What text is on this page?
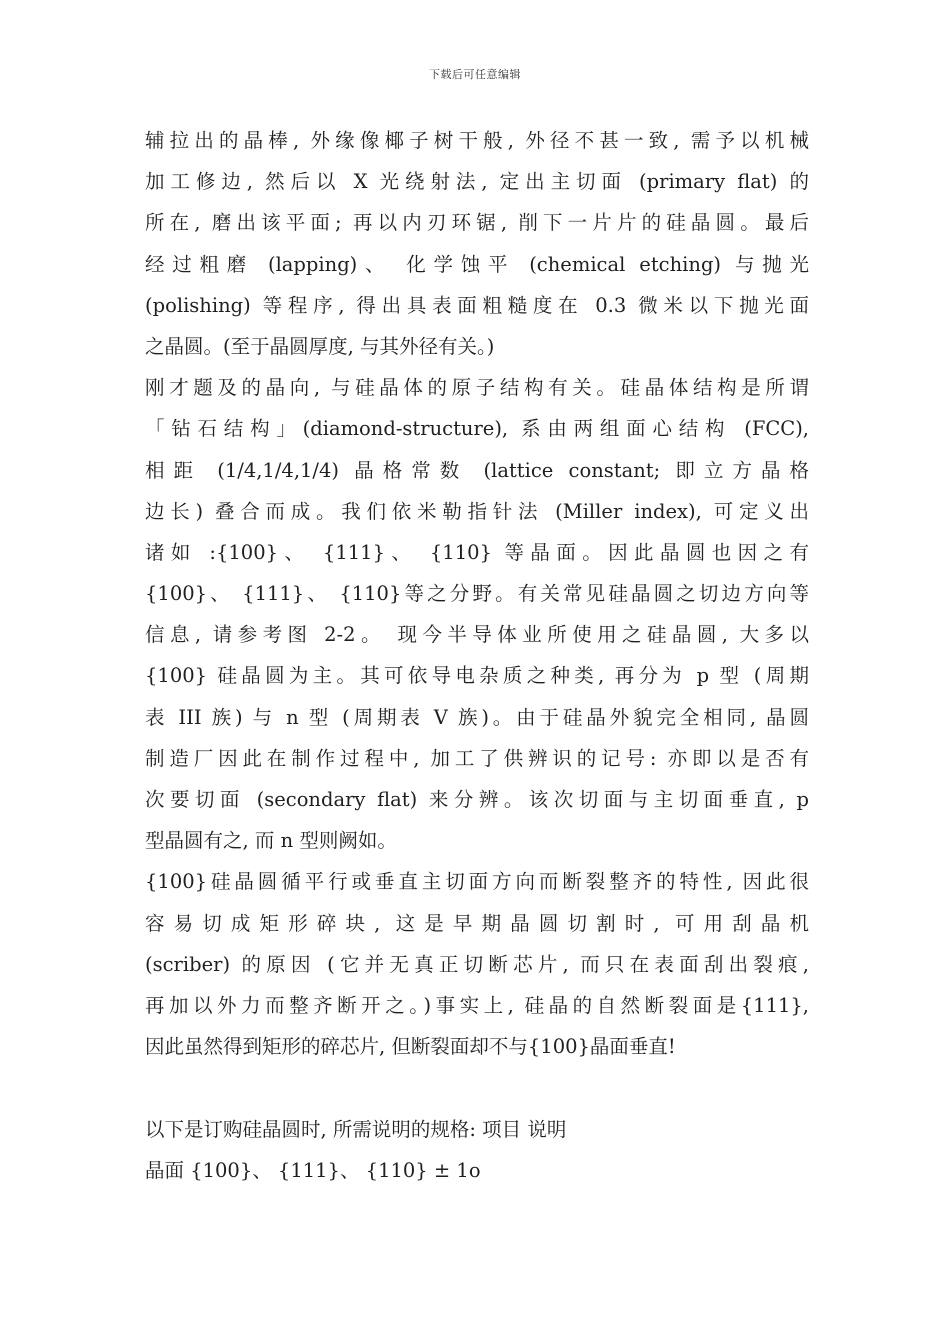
下载后可任意编辑
辅拉出的晶棒, 外缘像椰子树干般, 外径不甚一致, 需予以机械
加工修边, 然后以 X 光绕射法, 定出主切面 (primary flat) 的
所在, 磨出该平面; 再以内刃环锯, 削下一片片的硅晶圆。最后
经过粗磨 (lapping)、 化学蚀平 (chemical etching) 与抛光
(polishing) 等程序, 得出具表面粗糙度在 0.3 微米以下抛光面
之晶圆。(至于晶圆厚度, 与其外径有关。)
刚才题及的晶向, 与硅晶体的原子结构有关。硅晶体结构是所谓
「钻石结构」(diamond-structure), 系由两组面心结构 (FCC),
相距 (1/4,1/4,1/4) 晶格常数 (lattice constant; 即立方晶格
边长) 叠合而成。我们依米勒指针法 (Miller index), 可定义出
诸如 :{100}、 {111}、 {110} 等晶面。因此晶圆也因之有
{100}、 {111}、 {110}等之分野。有关常见硅晶圆之切边方向等
信息, 请参考图 2-2。 现今半导体业所使用之硅晶圆, 大多以
{100} 硅晶圆为主。其可依导电杂质之种类, 再分为 p 型 (周期
表 III 族) 与 n 型 (周期表 V 族)。由于硅晶外貌完全相同, 晶圆
制造厂因此在制作过程中, 加工了供辨识的记号: 亦即以是否有
次要切面 (secondary flat) 来分辨。该次切面与主切面垂直, p
型晶圆有之, 而 n 型则阙如。
{100}硅晶圆循平行或垂直主切面方向而断裂整齐的特性, 因此很
容易切成矩形碎块, 这是早期晶圆切割时, 可用刮晶机
(scriber) 的原因 (它并无真正切断芯片, 而只在表面刮出裂痕,
再加以外力而整齐断开之。)事实上, 硅晶的自然断裂面是{111},
因此虽然得到矩形的碎芯片, 但断裂面却不与{100}晶面垂直!
以下是订购硅晶圆时, 所需说明的规格: 项目 说明
晶面 {100}、 {111}、 {110} ± 1o
